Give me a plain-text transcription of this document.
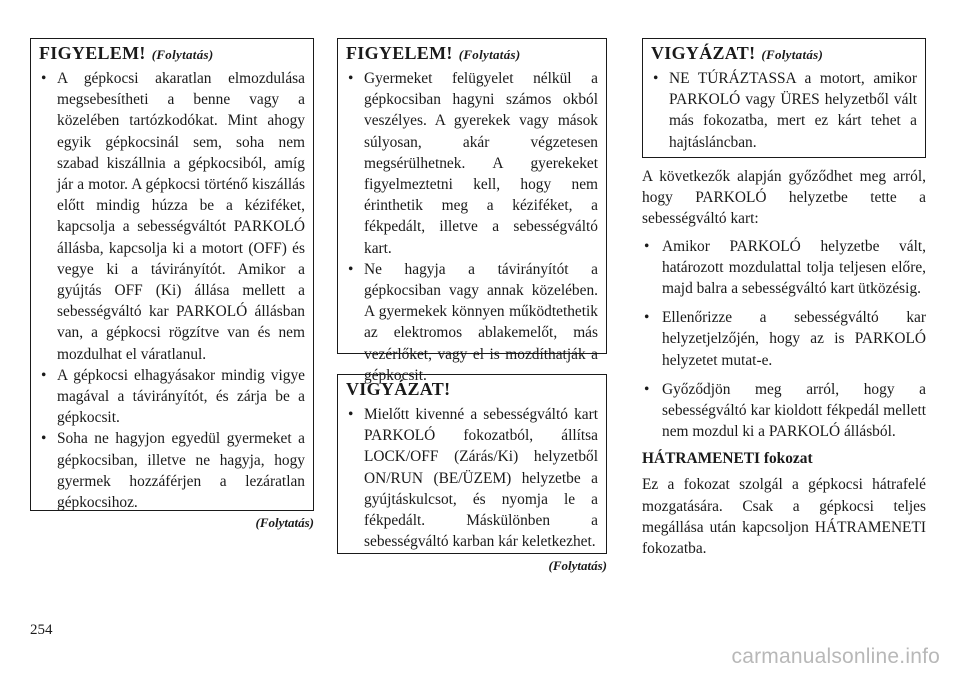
FIGYELEM! (Folytatás)
• A gépkocsi akaratlan elmozdulása megsebesítheti a benne vagy a közelében tartózkodókat. Mint ahogy egyik gépkocsinál sem, soha nem szabad kiszállnia a gépkocsiból, amíg jár a motor. A gépkocsi történő kiszállás előtt mindig húzza be a kéziféket, kapcsolja a sebességváltót PARKOLÓ állásba, kapcsolja ki a motort (OFF) és vegye ki a távirányítót. Amikor a gyújtás OFF (Ki) állása mellett a sebességváltó kar PARKOLÓ állásban van, a gépkocsi rögzítve van és nem mozdulhat el váratlanul.
• A gépkocsi elhagyásakor mindig vigye magával a távirányítót, és zárja be a gépkocsit.
• Soha ne hagyjon egyedül gyermeket a gépkocsiban, illetve ne hagyja, hogy gyermek hozzáférjen a lezáratlan gépkocsihoz.
(Folytatás)
FIGYELEM! (Folytatás)
• Gyermeket felügyelet nélkül a gépkocsiban hagyni számos okból veszélyes. A gyerekek vagy mások súlyosan, akár végzetesen megsérülhetnek. A gyerekeket figyelmeztetni kell, hogy nem érinthetik meg a kéziféket, a fékpedált, illetve a sebességváltó kart.
• Ne hagyja a távirányítót a gépkocsiban vagy annak közelében. A gyermekek könnyen működtethetik az elektromos ablakemelőt, más vezérlőket, vagy el is mozdíthatják a gépkocsit.
VIGYÁZAT!
• Mielőtt kivenné a sebességváltó kart PARKOLÓ fokozatból, állítsa LOCK/OFF (Zárás/Ki) helyzetből ON/RUN (BE/ÜZEM) helyzetbe a gyújtáskulcsot, és nyomja le a fékpedált. Máskülönben a sebességváltó karban kár keletkezhet.
(Folytatás)
VIGYÁZAT! (Folytatás)
• NE TÚRÁZTASSA a motort, amikor PARKOLÓ vagy ÜRES helyzetből vált más fokozatba, mert ez kárt tehet a hajtásláncban.

A következők alapján győződhet meg arról, hogy PARKOLÓ helyzetbe tette a sebességváltó kart:

• Amikor PARKOLÓ helyzetbe vált, határozott mozdulattal tolja teljesen előre, majd balra a sebességváltó kart ütközésig.
• Ellenőrizze a sebességváltó kar helyzetjelzőjén, hogy az is PARKOLÓ helyzetet mutat-e.
• Győződjön meg arról, hogy a sebességváltó kar kioldott fékpedál mellett nem mozdul ki a PARKOLÓ állásból.
HÁTRAMENETI fokozat

Ez a fokozat szolgál a gépkocsi hátrafelé mozgatására. Csak a gépkocsi teljes megállása után kapcsoljon HÁTRAMENETI fokozatba.

254
carmanualsonline.info
